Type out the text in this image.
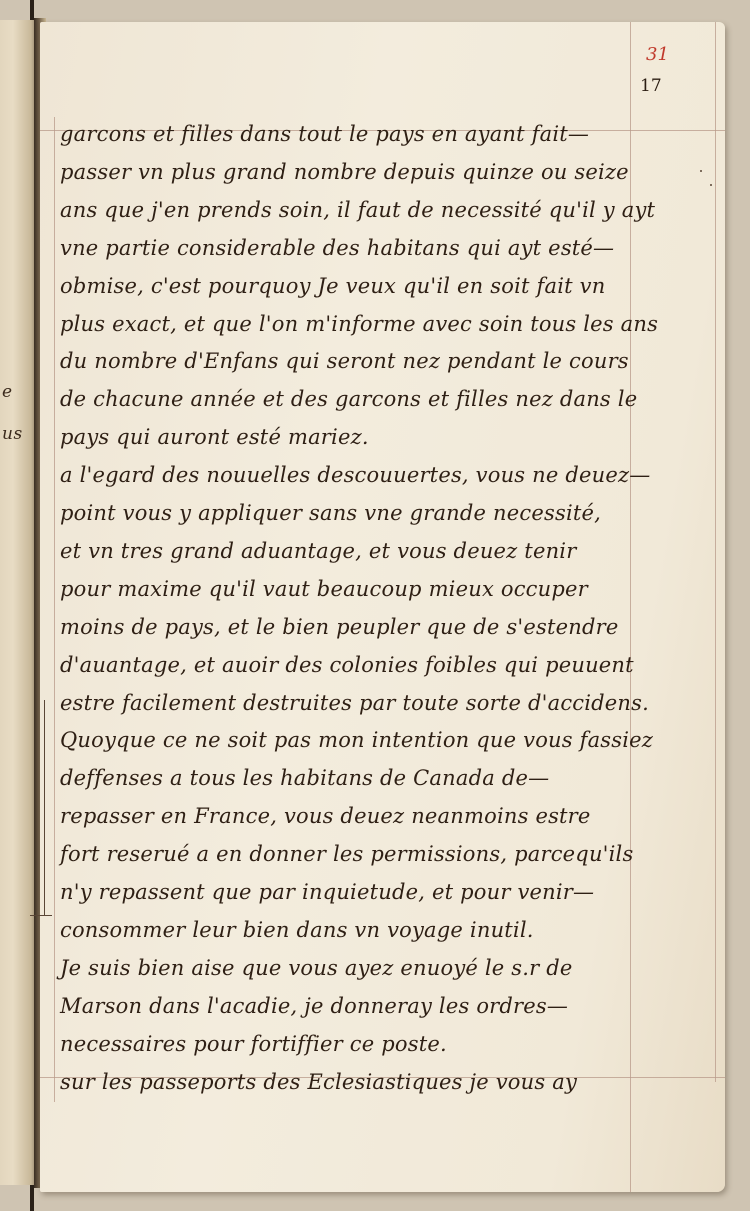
e
us
31
17
garcons et filles dans tout le pays en ayant fait—
passer vn plus grand nombre depuis quinze ou seize
ans que j'en prends soin, il faut de necessité qu'il y ayt
vne partie considerable des habitans qui ayt esté—
obmise, c'est pourquoy Je veux qu'il en soit fait vn
plus exact, et que l'on m'informe avec soin tous les ans
du nombre d'Enfans qui seront nez pendant le cours
de chacune année et des garcons et filles nez dans le
pays qui auront esté mariez.
a l'egard des nouuelles descouuertes, vous ne deuez—
point vous y appliquer sans vne grande necessité,
et vn tres grand aduantage, et vous deuez tenir
pour maxime qu'il vaut beaucoup mieux occuper
moins de pays, et le bien peupler que de s'estendre
d'auantage, et auoir des colonies foibles qui peuuent
estre facilement destruites par toute sorte d'accidens.
Quoyque ce ne soit pas mon intention que vous fassiez
deffenses a tous les habitans de Canada de—
repasser en France, vous deuez neanmoins estre
fort reserué a en donner les permissions, parcequ'ils
n'y repassent que par inquietude, et pour venir—
consommer leur bien dans vn voyage inutil.
Je suis bien aise que vous ayez enuoyé le s.r de
Marson dans l'acadie, je donneray les ordres—
necessaires pour fortiffier ce poste.
sur les passeports des Eclesiastiques je vous ay
